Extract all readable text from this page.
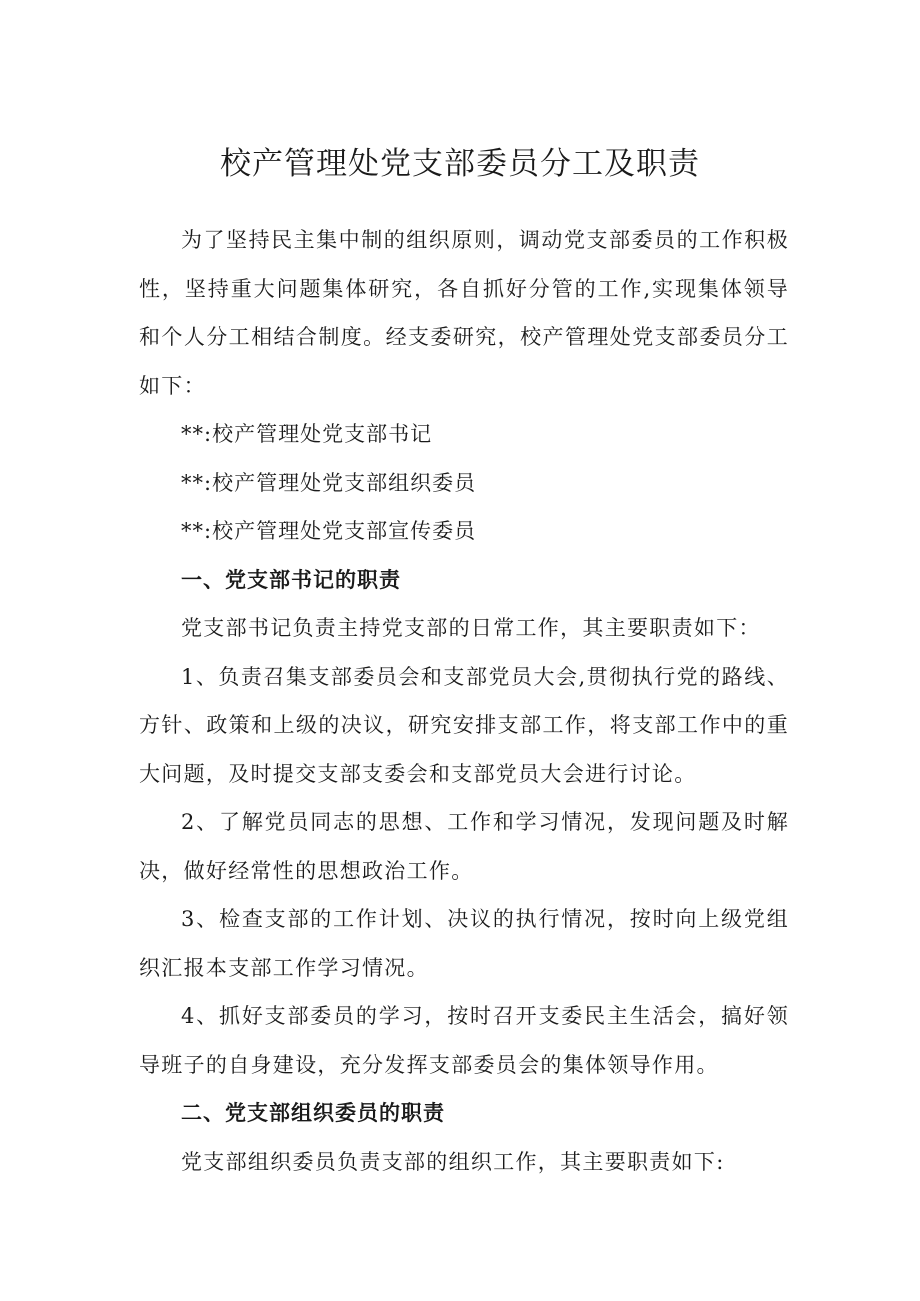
校产管理处党支部委员分工及职责

为了坚持民主集中制的组织原则，调动党支部委员的工作积极性，坚持重大问题集体研究，各自抓好分管的工作,实现集体领导和个人分工相结合制度。经支委研究，校产管理处党支部委员分工如下：

**:校产管理处党支部书记

**:校产管理处党支部组织委员

**:校产管理处党支部宣传委员

一、党支部书记的职责

党支部书记负责主持党支部的日常工作，其主要职责如下：

1、负责召集支部委员会和支部党员大会,贯彻执行党的路线、方针、政策和上级的决议，研究安排支部工作，将支部工作中的重大问题，及时提交支部支委会和支部党员大会进行讨论。

2、了解党员同志的思想、工作和学习情况，发现问题及时解决，做好经常性的思想政治工作。

3、检查支部的工作计划、决议的执行情况，按时向上级党组织汇报本支部工作学习情况。

4、抓好支部委员的学习，按时召开支委民主生活会，搞好领导班子的自身建设，充分发挥支部委员会的集体领导作用。

二、党支部组织委员的职责

党支部组织委员负责支部的组织工作，其主要职责如下:
